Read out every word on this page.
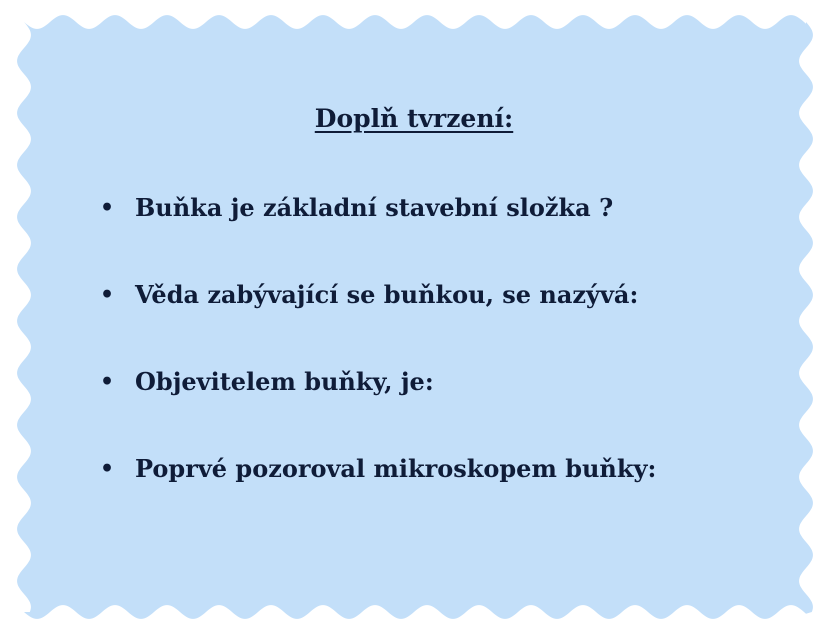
Doplň tvrzení:
• Buňka je základní stavební složka ?
• Věda zabývající se buňkou, se nazývá:
• Objevitelem buňky, je:
• Poprvé pozoroval mikroskopem buňky:
